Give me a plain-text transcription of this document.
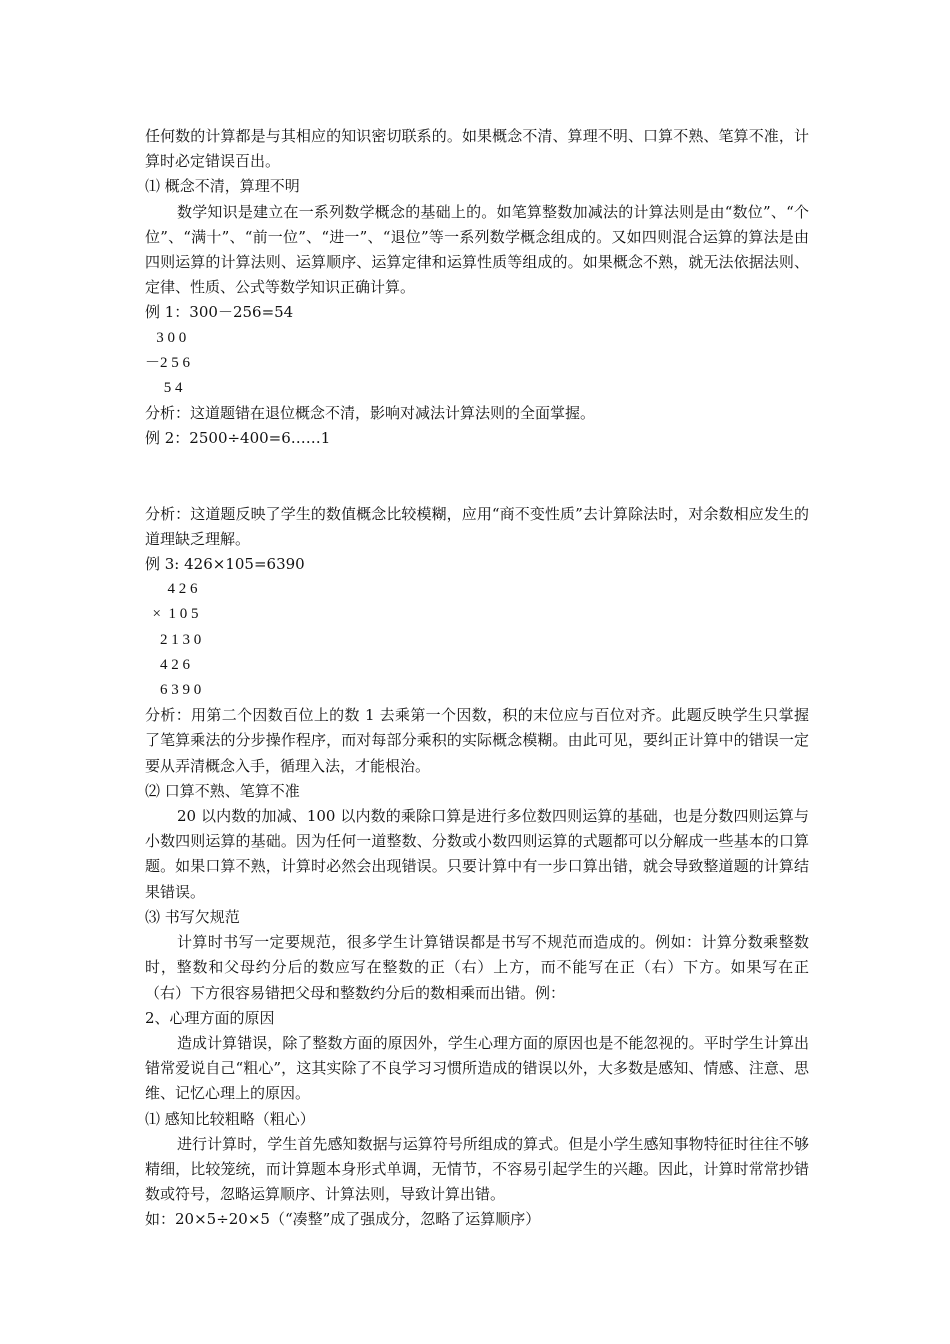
任何数的计算都是与其相应的知识密切联系的。如果概念不清、算理不明、口算不熟、笔算不准，计算时必定错误百出。

⑴ 概念不清，算理不明

数学知识是建立在一系列数学概念的基础上的。如笔算整数加减法的计算法则是由“数位”、“个位”、“满十”、“前一位”、“进一”、“退位”等一系列数学概念组成的。又如四则混合运算的算法是由四则运算的计算法则、运算顺序、运算定律和运算性质等组成的。如果概念不熟，就无法依据法则、定律、性质、公式等数学知识正确计算。

例 1：300－256=54

3 0 0

－2 5 6

5 4

分析：这道题错在退位概念不清，影响对减法计算法则的全面掌握。

例 2：2500÷400=6……1

分析：这道题反映了学生的数值概念比较模糊，应用“商不变性质”去计算除法时，对余数相应发生的道理缺乏理解。

例 3: 426×105=6390

4 2 6

×  1 0 5

2 1 3 0

4 2 6

6 3 9 0

分析：用第二个因数百位上的数 1 去乘第一个因数，积的末位应与百位对齐。此题反映学生只掌握了笔算乘法的分步操作程序，而对每部分乘积的实际概念模糊。由此可见，要纠正计算中的错误一定要从弄清概念入手，循理入法，才能根治。

⑵ 口算不熟、笔算不准

20 以内数的加减、100 以内数的乘除口算是进行多位数四则运算的基础，也是分数四则运算与小数四则运算的基础。因为任何一道整数、分数或小数四则运算的式题都可以分解成一些基本的口算题。如果口算不熟，计算时必然会出现错误。只要计算中有一步口算出错，就会导致整道题的计算结果错误。

⑶ 书写欠规范

计算时书写一定要规范，很多学生计算错误都是书写不规范而造成的。例如：计算分数乘整数时，整数和父母约分后的数应写在整数的正（右）上方，而不能写在正（右）下方。如果写在正（右）下方很容易错把父母和整数约分后的数相乘而出错。例：

2、心理方面的原因

造成计算错误，除了整数方面的原因外，学生心理方面的原因也是不能忽视的。平时学生计算出错常爱说自己“粗心”，这其实除了不良学习习惯所造成的错误以外，大多数是感知、情感、注意、思维、记忆心理上的原因。

⑴ 感知比较粗略（粗心）

进行计算时，学生首先感知数据与运算符号所组成的算式。但是小学生感知事物特征时往往不够精细，比较笼统，而计算题本身形式单调，无情节，不容易引起学生的兴趣。因此，计算时常常抄错数或符号，忽略运算顺序、计算法则，导致计算出错。

如：20×5÷20×5（“凑整”成了强成分，忽略了运算顺序）
